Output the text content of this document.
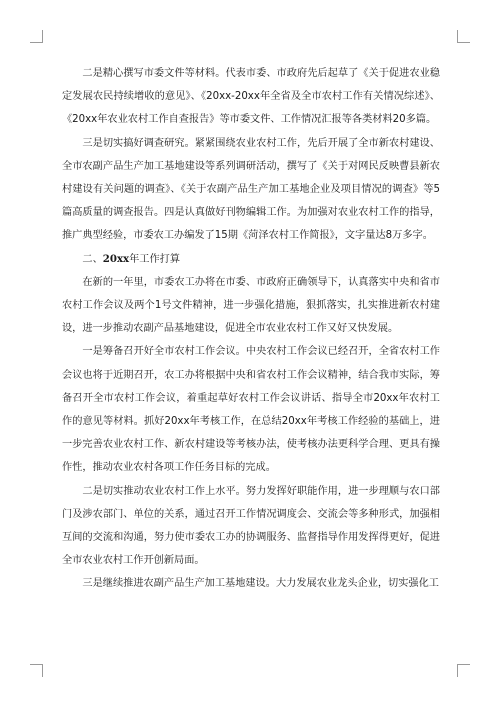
二是精心撰写市委文件等材料。代表市委、市政府先后起草了《关于促进农业稳定发展农民持续增收的意见》、《20xx-20xx年全省及全市农村工作有关情况综述》、《20xx年农业农村工作自查报告》等市委文件、工作情况汇报等各类材料20多篇。

三是切实搞好调查研究。紧紧围绕农业农村工作，先后开展了全市新农村建设、全市农副产品生产加工基地建设等系列调研活动，撰写了《关于对网民反映曹县新农村建设有关问题的调查》、《关于农副产品生产加工基地企业及项目情况的调查》等5篇高质量的调查报告。四是认真做好刊物编辑工作。为加强对农业农村工作的指导，推广典型经验，市委农工办编发了15期《菏泽农村工作简报》，文字量达8万多字。

二、20xx年工作打算

在新的一年里，市委农工办将在市委、市政府正确领导下，认真落实中央和省市农村工作会议及两个1号文件精神，进一步强化措施，狠抓落实，扎实推进新农村建设，进一步推动农副产品基地建设，促进全市农业农村工作又好又快发展。

一是筹备召开好全市农村工作会议。中央农村工作会议已经召开，全省农村工作会议也将于近期召开，农工办将根据中央和省农村工作会议精神，结合我市实际，筹备召开全市农村工作会议，着重起草好农村工作会议讲话、指导全市20xx年农村工作的意见等材料。抓好20xx年考核工作，在总结20xx年考核工作经验的基础上，进一步完善农业农村工作、新农村建设等考核办法，使考核办法更科学合理、更具有操作性，推动农业农村各项工作任务目标的完成。

二是切实推动农业农村工作上水平。努力发挥好职能作用，进一步理顺与农口部门及涉农部门、单位的关系，通过召开工作情况调度会、交流会等多种形式，加强相互间的交流和沟通，努力使市委农工办的协调服务、监督指导作用发挥得更好，促进全市农业农村工作开创新局面。

三是继续推进农副产品生产加工基地建设。大力发展农业龙头企业，切实强化工
